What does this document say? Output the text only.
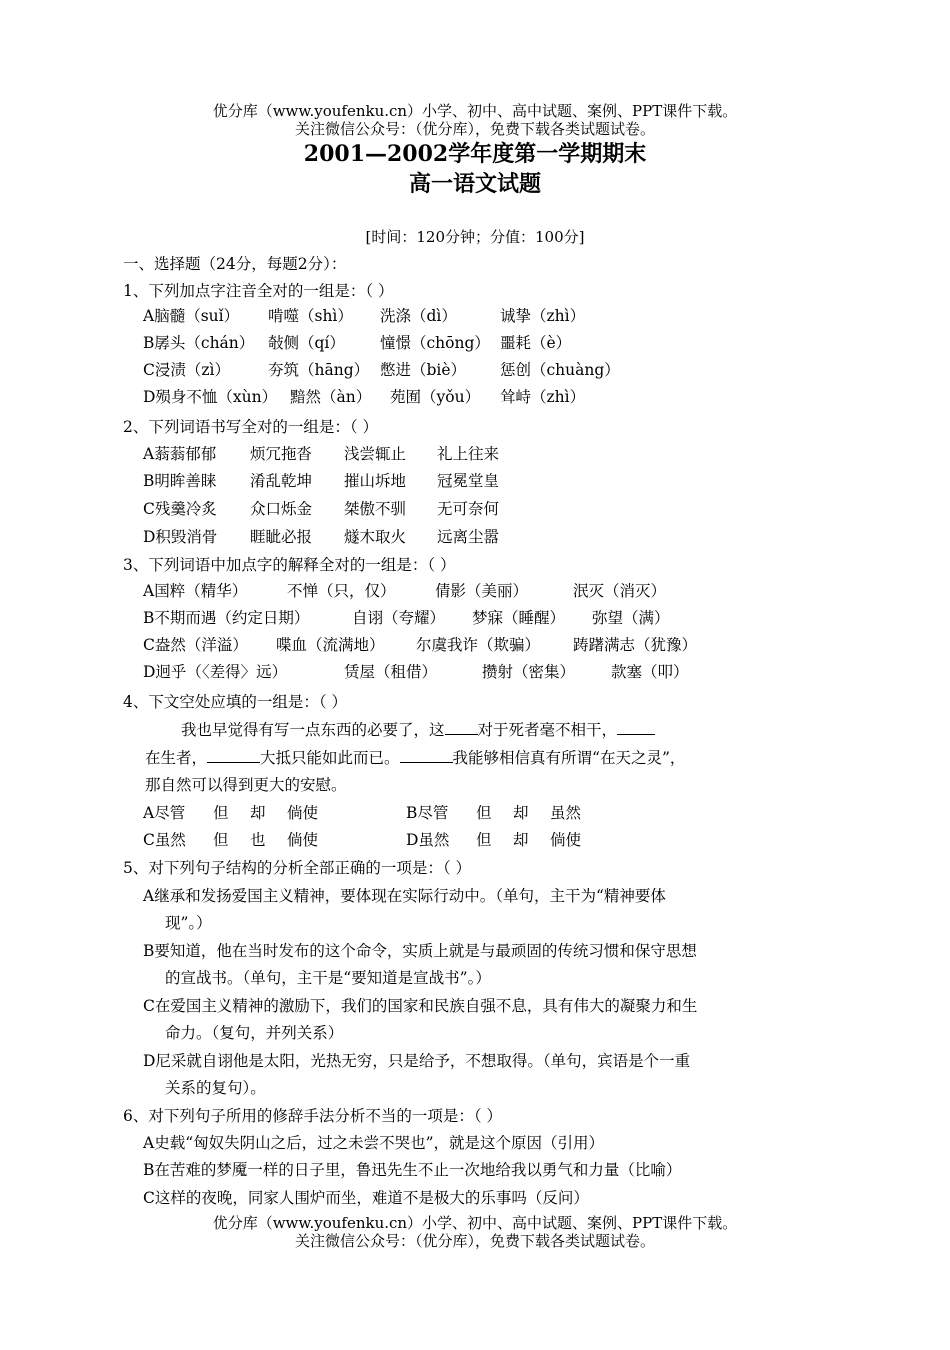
优分库（www.youfenku.cn）小学、初中、高中试题、案例、PPT课件下载。
关注微信公众号：（优分库），免费下载各类试题试卷。
2001—2002学年度第一学期期末
高一语文试题
[时间：120分钟；分值：100分]
一、选择题（24分，每题2分）：
1、下列加点字注音全对的一组是：（ ）
A脑髓（suǐ） 啃噬（shì） 洗涤（dì）	诚挚（zhì）
B孱头（chán） 敧侧（qí） 憧憬（chōng） 噩耗（è）
C浸渍（zì） 夯筑（hāng） 憋进（biè） 惩创（chuàng）
D殒身不恤（xùn） 黯然（àn） 苑囿（yǒu） 耸峙（zhì）
2、下列词语书写全对的一组是：（ ）
A蓊蓊郁郁 烦冗拖沓 浅尝辄止 礼上往来
B明眸善睐 淆乱乾坤 摧山坼地 冠冕堂皇
C残羹冷炙 众口烁金 桀傲不驯 无可奈何
D积毁消骨 睚眦必报 燧木取火 远离尘嚣
3、下列词语中加点字的解释全对的一组是：（ ）
A国粹（精华）	不惮（只，仅）	倩影（美丽）	泯灭（消灭）
B不期而遇（约定日期）	自诩（夸耀） 梦寐（睡醒） 弥望（满）
C盎然（洋溢） 喋血（流满地） 尔虞我诈（欺骗） 踌躇满志（犹豫）
D迥乎（〈差得〉远）	赁屋（租借）	攒射（密集） 款塞（叩）
4、下文空处应填的一组是：（ ）
我也早觉得有写一点东西的必要了，这 对于死者毫不相干，
在生者，	大抵只能如此而已。	我能够相信真有所谓“在天之灵”，
那自然可以得到更大的安慰。
A尽管 但 却 倘使	B尽管 但 却 虽然
C虽然 但 也 倘使	D虽然 但 却 倘使
5、对下列句子结构的分析全部正确的一项是：（ ）
A继承和发扬爱国主义精神，要体现在实际行动中。（单句，主干为“精神要体
现”。）
B要知道，他在当时发布的这个命令，实质上就是与最顽固的传统习惯和保守思想
的宣战书。（单句，主干是“要知道是宣战书”。）
C在爱国主义精神的激励下，我们的国家和民族自强不息，具有伟大的凝聚力和生
命力。（复句，并列关系）
D尼采就自诩他是太阳，光热无穷，只是给予，不想取得。（单句，宾语是个一重
关系的复句）。
6、对下列句子所用的修辞手法分析不当的一项是：（ ）
A史载“匈奴失阴山之后，过之未尝不哭也”，就是这个原因（引用）
B在苦难的梦魇一样的日子里，鲁迅先生不止一次地给我以勇气和力量（比喻）
C这样的夜晚，同家人围炉而坐，难道不是极大的乐事吗（反问）
优分库（www.youfenku.cn）小学、初中、高中试题、案例、PPT课件下载。
关注微信公众号：（优分库），免费下载各类试题试卷。
